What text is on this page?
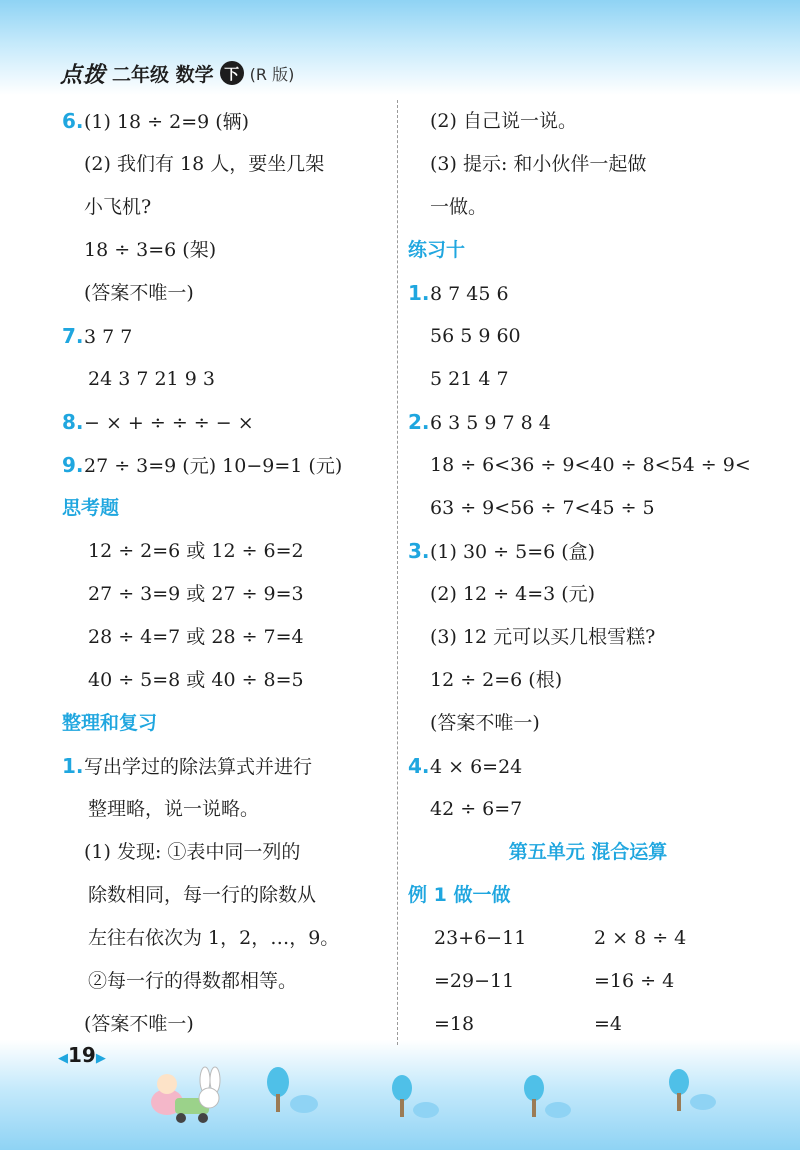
点拨 二年级 数学 下 (R 版)
6.(1) 18 ÷ 2=9 (辆)
(2) 我们有 18 人，要坐几架
小飞机?
18 ÷ 3=6 (架)
(答案不唯一)
7.3 7 7
24 3 7 21 9 3
8.− × + ÷ ÷ ÷ − ×
9.27 ÷ 3=9 (元) 10−9=1 (元)
思考题
12 ÷ 2=6 或 12 ÷ 6=2
27 ÷ 3=9 或 27 ÷ 9=3
28 ÷ 4=7 或 28 ÷ 7=4
40 ÷ 5=8 或 40 ÷ 8=5
整理和复习
1.写出学过的除法算式并进行
整理略，说一说略。
(1) 发现: ①表中同一列的
除数相同，每一行的除数从
左往右依次为 1，2，…，9。
②每一行的得数都相等。
(答案不唯一)
(2) 自己说一说。
(3) 提示: 和小伙伴一起做
一做。
练习十
1.8 7 45 6
56 5 9 60
5 21 4 7
2.6 3 5 9 7 8 4
18 ÷ 6<36 ÷ 9<40 ÷ 8<54 ÷ 9<
63 ÷ 9<56 ÷ 7<45 ÷ 5
3.(1) 30 ÷ 5=6 (盒)
(2) 12 ÷ 4=3 (元)
(3) 12 元可以买几根雪糕?
12 ÷ 2=6 (根)
(答案不唯一)
4.4 × 6=24
42 ÷ 6=7
第五单元 混合运算
例 1 做一做
23+6−11	2 × 8 ÷ 4
=29−11	=16 ÷ 4
=18	=4
◀19▶
